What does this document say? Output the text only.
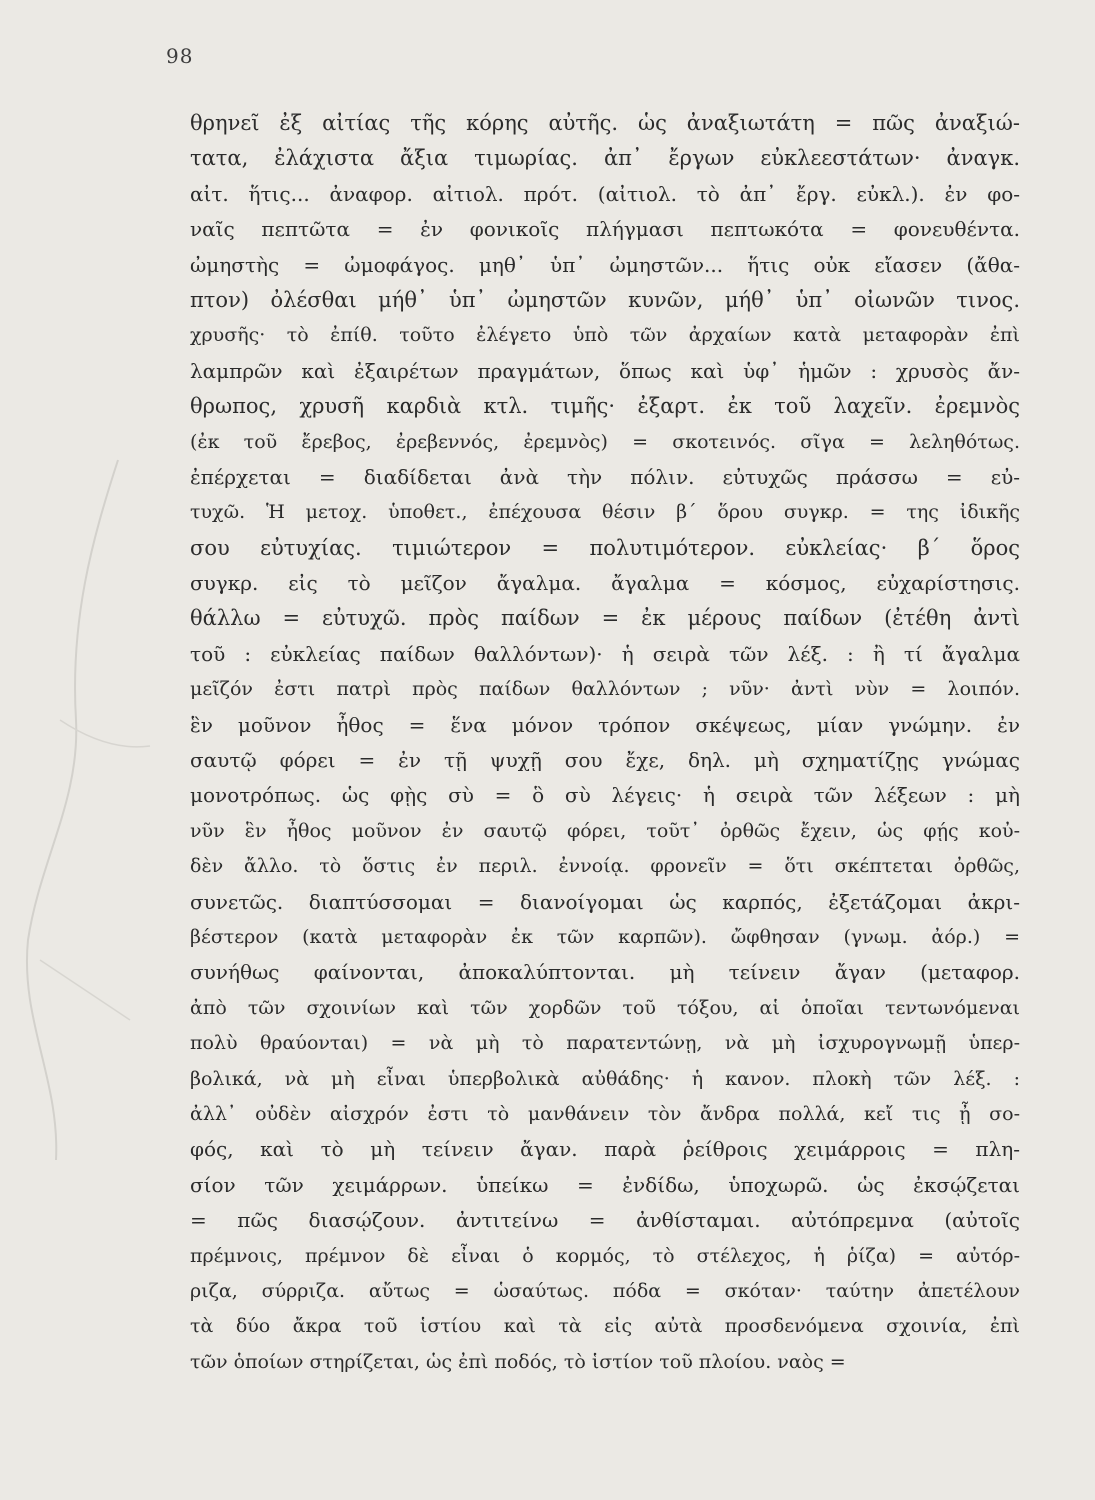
98
θρηνεῖ ἐξ αἰτίας τῆς κόρης αὐτῆς. ὡς ἀναξιωτάτη = πῶς ἀναξιώ-
τατα, ἐλάχιστα ἄξια τιμωρίας. ἀπ᾿ ἔργων εὐκλεεστάτων· ἀναγκ.
αἰτ. ἥτις... ἀναφορ. αἰτιολ. πρότ. (αἰτιολ. τὸ ἀπ᾿ ἔργ. εὐκλ.). ἐν φο-
ναῖς πεπτῶτα = ἐν φονικοῖς πλήγμασι πεπτωκότα = φονευθέντα.
ὠμηστὴς = ὠμοφάγος. μηθ᾿ ὑπ᾿ ὠμηστῶν... ἥτις οὐκ εἴασεν (ἄθα-
πτον) ὀλέσθαι μήθ᾿ ὑπ᾿ ὠμηστῶν κυνῶν, μήθ᾿ ὑπ᾿ οἰωνῶν τινος.
χρυσῆς· τὸ ἐπίθ. τοῦτο ἐλέγετο ὑπὸ τῶν ἀρχαίων κατὰ μεταφορὰν ἐπὶ
λαμπρῶν καὶ ἐξαιρέτων πραγμάτων, ὅπως καὶ ὑφ᾿ ἡμῶν : χρυσὸς ἄν-
θρωπος, χρυσῆ καρδιὰ κτλ. τιμῆς· ἐξαρτ. ἐκ τοῦ λαχεῖν. ἐρεμνὸς
(ἐκ τοῦ ἔρεβος, ἐρεβεννός, ἐρεμνὸς) = σκοτεινός. σῖγα = λεληθότως.
ἐπέρχεται = διαδίδεται ἀνὰ τὴν πόλιν. εὐτυχῶς πράσσω = εὐ-
τυχῶ. Ἡ μετοχ. ὑποθετ., ἐπέχουσα θέσιν β΄ ὅρου συγκρ. = της ἰδικῆς
σου εὐτυχίας. τιμιώτερον = πολυτιμότερον. εὐκλείας· β΄ ὅρος
συγκρ. εἰς τὸ μεῖζον ἄγαλμα. ἄγαλμα = κόσμος, εὐχαρίστησις.
θάλλω = εὐτυχῶ. πρὸς παίδων = ἐκ μέρους παίδων (ἐτέθη ἀντὶ
τοῦ : εὐκλείας παίδων θαλλόντων)· ἡ σειρὰ τῶν λέξ. : ἢ τί ἄγαλμα
μεῖζόν ἐστι πατρὶ πρὸς παίδων θαλλόντων ; νῦν· ἀντὶ νὺν = λοιπόν.
ἓν μοῦνον ἦθος = ἕνα μόνον τρόπον σκέψεως, μίαν γνώμην. ἐν
σαυτῷ φόρει = ἐν τῇ ψυχῇ σου ἔχε, δηλ. μὴ σχηματίζῃς γνώμας
μονοτρόπως. ὡς φῂς σὺ = ὃ σὺ λέγεις· ἡ σειρὰ τῶν λέξεων : μὴ
νῦν ἓν ἦθος μοῦνον ἐν σαυτῷ φόρει, τοῦτ᾿ ὀρθῶς ἔχειν, ὡς φῄς κοὐ-
δὲν ἄλλο. τὸ ὅστις ἐν περιλ. ἐννοίᾳ. φρονεῖν = ὅτι σκέπτεται ὀρθῶς,
συνετῶς. διαπτύσσομαι = διανοίγομαι ὡς καρπός, ἐξετάζομαι ἀκρι-
βέστερον (κατὰ μεταφορὰν ἐκ τῶν καρπῶν). ὤφθησαν (γνωμ. ἀόρ.) =
συνήθως φαίνονται, ἀποκαλύπτονται. μὴ τείνειν ἄγαν (μεταφορ.
ἀπὸ τῶν σχοινίων καὶ τῶν χορδῶν τοῦ τόξου, αἱ ὁποῖαι τεντωνόμεναι
πολὺ θραύονται) = νὰ μὴ τὸ παρατεντώνῃ, νὰ μὴ ἰσχυρογνωμῇ ὑπερ-
βολικά, νὰ μὴ εἶναι ὑπερβολικὰ αὐθάδης· ἡ κανον. πλοκὴ τῶν λέξ. :
ἀλλ᾿ οὐδὲν αἰσχρόν ἐστι τὸ μανθάνειν τὸν ἄνδρα πολλά, κεἴ τις ᾖ σο-
φός, καὶ τὸ μὴ τείνειν ἄγαν. παρὰ ῥείθροις χειμάρροις = πλη-
σίον τῶν χειμάρρων. ὑπείκω = ἐνδίδω, ὑποχωρῶ. ὡς ἐκσῴζεται
= πῶς διασῴζουν. ἀντιτείνω = ἀνθίσταμαι. αὐτόπρεμνα (αὐτοῖς
πρέμνοις, πρέμνον δὲ εἶναι ὁ κορμός, τὸ στέλεχος, ἡ ῥίζα) = αὐτόρ-
ριζα, σύρριζα. αὔτως = ὡσαύτως. πόδα = σκόταν· ταύτην ἀπετέλουν
τὰ δύο ἄκρα τοῦ ἱστίου καὶ τὰ εἰς αὐτὰ προσδενόμενα σχοινία, ἐπὶ
τῶν ὁποίων στηρίζεται, ὡς ἐπὶ ποδός, τὸ ἱστίον τοῦ πλοίου. ναὸς =
